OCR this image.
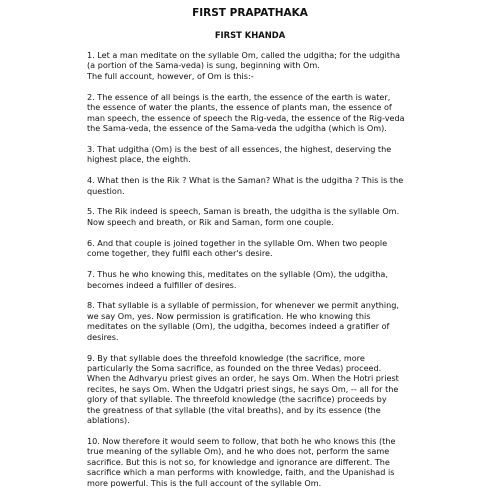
FIRST PRAPATHAKA
FIRST KHANDA

1. Let a man meditate on the syllable Om, called the udgitha; for the udgitha
(a portion of the Sama-veda) is sung, beginning with Om.
The full account, however, of Om is this:-

2. The essence of all beings is the earth, the essence of the earth is water,
the essence of water the plants, the essence of plants man, the essence of
man speech, the essence of speech the Rig-veda, the essence of the Rig-veda
the Sama-veda, the essence of the Sama-veda the udgitha (which is Om).

3. That udgitha (Om) is the best of all essences, the highest, deserving the
highest place, the eighth.

4. What then is the Rik ? What is the Saman? What is the udgitha ? This is the
question.

5. The Rik indeed is speech, Saman is breath, the udgitha is the syllable Om.
Now speech and breath, or Rik and Saman, form one couple.

6. And that couple is joined together in the syllable Om. When two people
come together, they fulfil each other's desire.

7. Thus he who knowing this, meditates on the syllable (Om), the udgitha,
becomes indeed a fulfiller of desires.

8. That syllable is a syllable of permission, for whenever we permit anything,
we say Om, yes. Now permission is gratification. He who knowing this
meditates on the syllable (Om), the udgitha, becomes indeed a gratifier of
desires.

9. By that syllable does the threefold knowledge (the sacrifice, more
particularly the Soma sacrifice, as founded on the three Vedas) proceed.
When the Adhvaryu priest gives an order, he says Om. When the Hotri priest
recites, he says Om. When the Udgatri priest sings, he says Om, -- all for the
glory of that syllable. The threefold knowledge (the sacrifice) proceeds by
the greatness of that syllable (the vital breaths), and by its essence (the
ablations).

10. Now therefore it would seem to follow, that both he who knows this (the
true meaning of the syllable Om), and he who does not, perform the same
sacrifice. But this is not so, for knowledge and ignorance are different. The
sacrifice which a man performs with knowledge, faith, and the Upanishad is
more powerful. This is the full account of the syllable Om.
